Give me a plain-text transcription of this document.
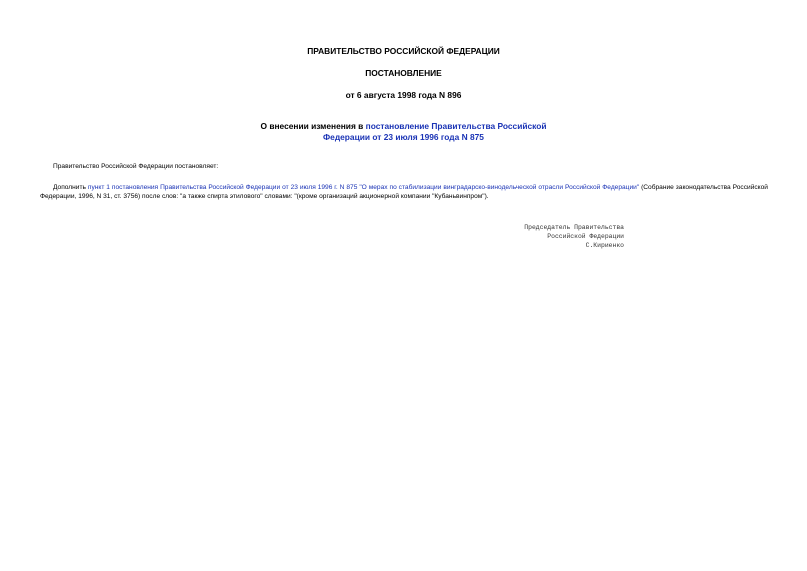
ПРАВИТЕЛЬСТВО РОССИЙСКОЙ ФЕДЕРАЦИИ
ПОСТАНОВЛЕНИЕ
от 6 августа 1998 года N 896
О внесении изменения в постановление Правительства Российской
Федерации от 23 июля 1996 года N 875
Правительство Российской Федерации постановляет:
Дополнить пункт 1 постановления Правительства Российской Федерации от 23 июля 1996 г. N 875 "О мерах по стабилизации винградарско-винодельческой отрасли Российской Федерации" (Собрание законодательства Российской Федерации, 1996, N 31, ст. 3756) после слов: "а также спирта этилового" словами: "(кроме организаций акционерной компании "Кубаньвинпром").
Председатель Правительства
Российской Федерации
С.Кириенко
